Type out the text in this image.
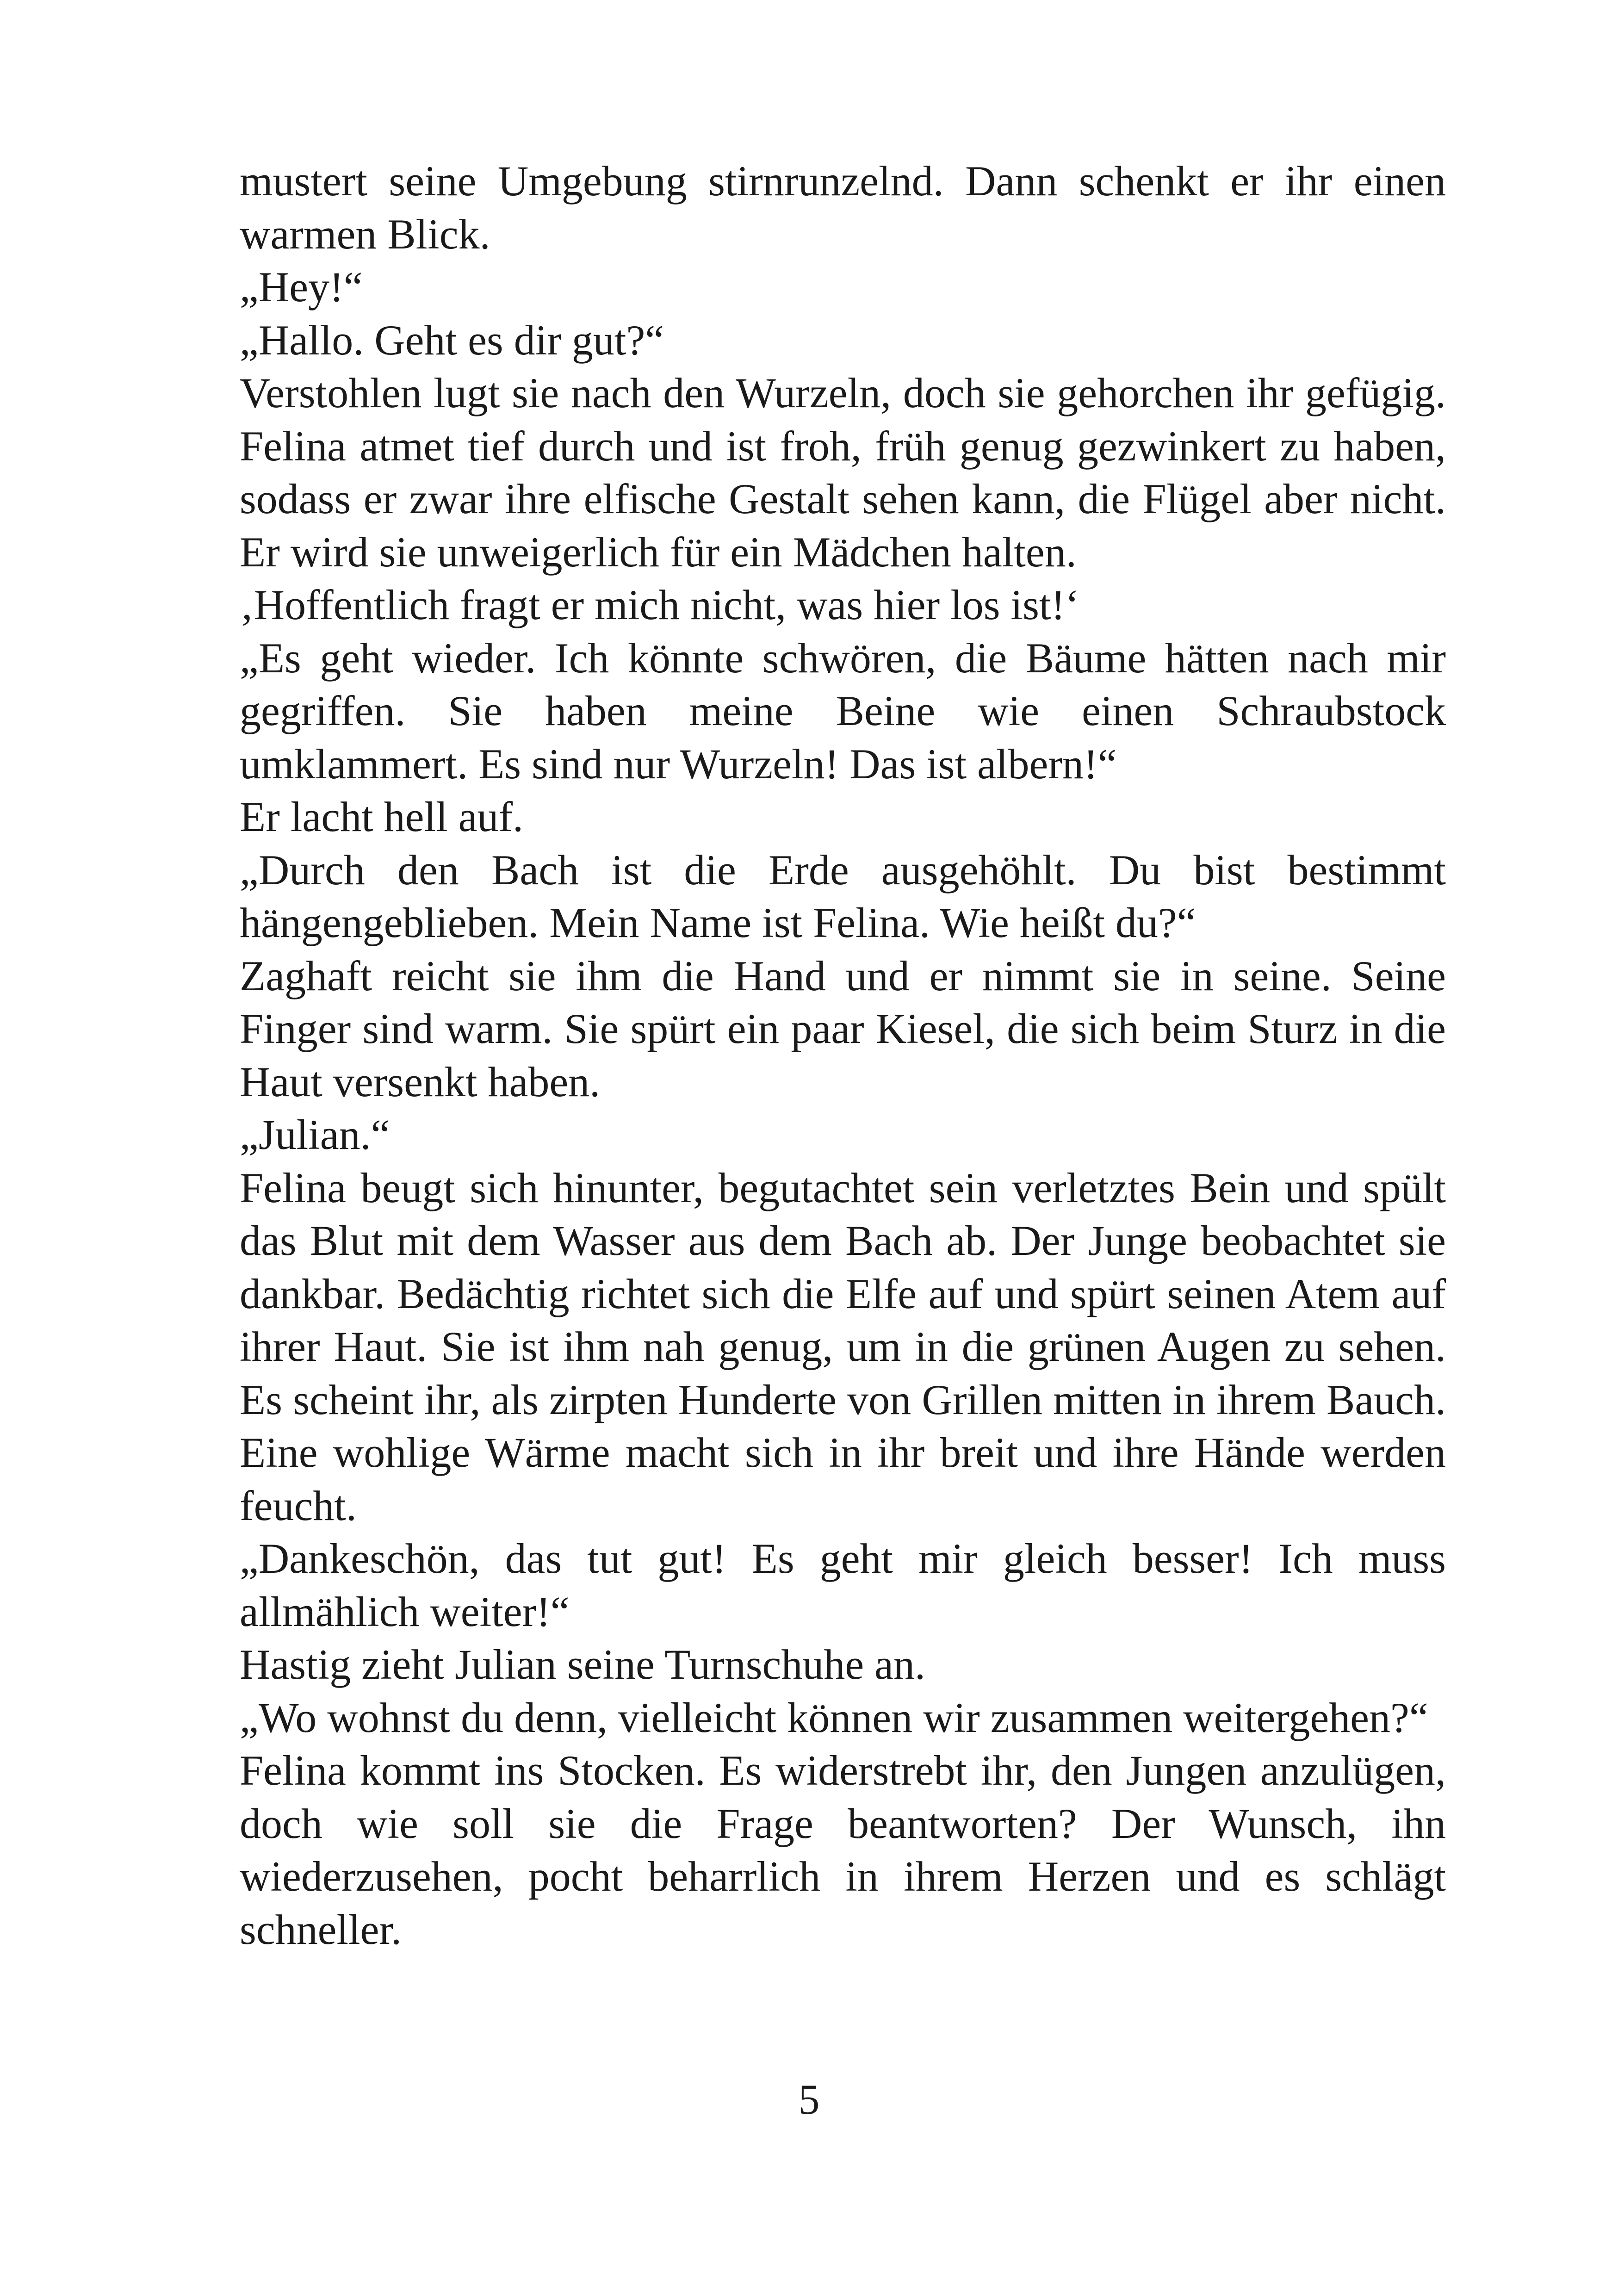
mustert seine Umgebung stirnrunzelnd. Dann schenkt er ihr einen warmen Blick.

„Hey!“

„Hallo. Geht es dir gut?“

Verstohlen lugt sie nach den Wurzeln, doch sie gehorchen ihr gefügig. Felina atmet tief durch und ist froh, früh genug gezwinkert zu haben, sodass er zwar ihre elfische Gestalt sehen kann, die Flügel aber nicht. Er wird sie unweigerlich für ein Mädchen halten.

‚Hoffentlich fragt er mich nicht, was hier los ist!‘

„Es geht wieder. Ich könnte schwören, die Bäume hätten nach mir gegriffen. Sie haben meine Beine wie einen Schraubstock umklammert. Es sind nur Wurzeln! Das ist albern!“

Er lacht hell auf.

„Durch den Bach ist die Erde ausgehöhlt. Du bist bestimmt hängengeblieben. Mein Name ist Felina. Wie heißt du?“

Zaghaft reicht sie ihm die Hand und er nimmt sie in seine. Seine Finger sind warm. Sie spürt ein paar Kiesel, die sich beim Sturz in die Haut versenkt haben.

„Julian.“

Felina beugt sich hinunter, begutachtet sein verletztes Bein und spült das Blut mit dem Wasser aus dem Bach ab. Der Junge beobachtet sie dankbar. Bedächtig richtet sich die Elfe auf und spürt seinen Atem auf ihrer Haut. Sie ist ihm nah genug, um in die grünen Augen zu sehen. Es scheint ihr, als zirpten Hunderte von Grillen mitten in ihrem Bauch. Eine wohlige Wärme macht sich in ihr breit und ihre Hände werden feucht.

„Dankeschön, das tut gut! Es geht mir gleich besser! Ich muss allmählich weiter!“

Hastig zieht Julian seine Turnschuhe an.

„Wo wohnst du denn, vielleicht können wir zusammen weitergehen?“

Felina kommt ins Stocken. Es widerstrebt ihr, den Jungen anzulügen, doch wie soll sie die Frage beantworten? Der Wunsch, ihn wiederzusehen, pocht beharrlich in ihrem Herzen und es schlägt schneller.

5
